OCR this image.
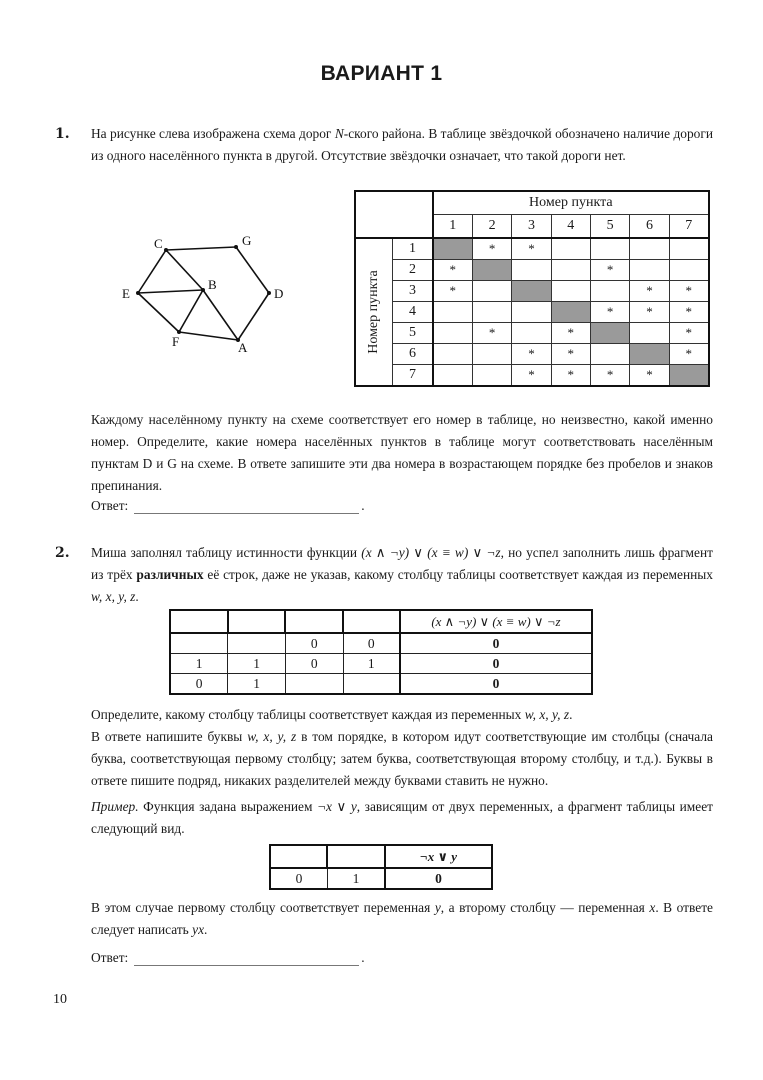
ВАРИАНТ 1
1. На рисунке слева изображена схема дорог N-ского района. В таблице звёздочкой обозначено наличие дороги из одного населённого пункта в другой. Отсутствие звёздочки означает, что такой дороги нет.

C	G
E
B
D
F	A
		Номер пункта						
		1	2	3	4	5	6	7

Номер пункта	1		*	*				
	2	*				*		
	3	*					*	*
	4					*	*	*
	5		*		*			*
	6			*	*			*
	7			*	*	*	*	

Каждому населённому пункту на схеме соответствует его номер в таблице, но неизвестно, какой именно номер. Определите, какие номера населённых пунктов в таблице могут соответствовать населённым пунктам D и G на схеме. В ответе запишите эти два номера в возрастающем порядке без пробелов и знаков препинания.

Ответ:	.
2. Миша заполнял таблицу истинности функции (x ∧ ¬y) ∨ (x ≡ w) ∨ ¬z, но успел заполнить лишь фрагмент из трёх различных её строк, даже не указав, какому столбцу таблицы соответствует каждая из переменных w, x, y, z.

				(x ∧ ¬y) ∨ (x ≡ w) ∨ ¬z
		0	0	0
1	1	0	1	0
0	1			0

Определите, какому столбцу таблицы соответствует каждая из переменных w, x, y, z.

В ответе напишите буквы w, x, y, z в том порядке, в котором идут соответствующие им столбцы (сначала буква, соответствующая первому столбцу; затем буква, соответствующая второму столбцу, и т.д.). Буквы в ответе пишите подряд, никаких разделителей между буквами ставить не нужно.

Пример. Функция задана выражением ¬x ∨ y, зависящим от двух переменных, а фрагмент таблицы имеет следующий вид.

		¬x ∨ y
0	1	0

В этом случае первому столбцу соответствует переменная y, а второму столбцу — переменная x. В ответе следует написать yx.

Ответ:	.
10
